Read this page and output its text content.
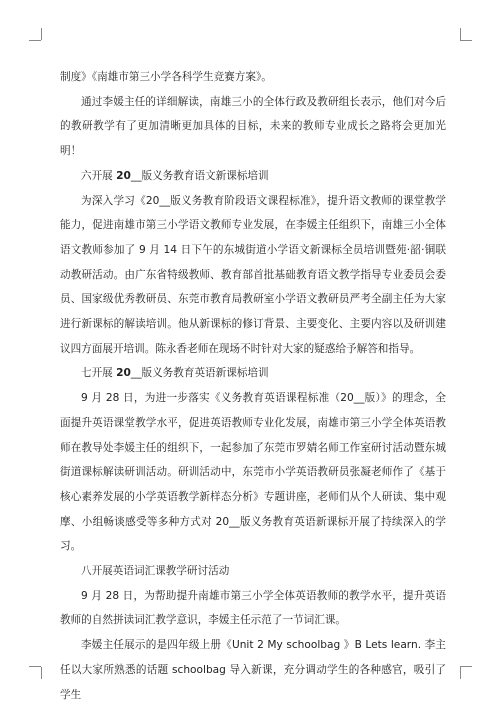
制度》《南雄市第三小学各科学生竞赛方案》。

通过李媛主任的详细解读，南雄三小的全体行政及教研组长表示，他们对今后的教研教学有了更加清晰更加具体的目标，未来的教师专业成长之路将会更加光明！

六开展 20__版义务教育语文新课标培训

为深入学习《20__版义务教育阶段语文课程标准》，提升语文教师的课堂教学能力，促进南雄市第三小学语文教师专业发展，在李媛主任组织下，南雄三小全体语文教师参加了 9 月 14 日下午的东城街道小学语文新课标全员培训暨苑·韶·铜联动教研活动。由广东省特级教师、教育部首批基础教育语文教学指导专业委员会委员、国家级优秀教研员、东莞市教育局教研室小学语文教研员严考全副主任为大家进行新课标的解读培训。他从新课标的修订背景、主要变化、主要内容以及研训建议四方面展开培训。陈永香老师在现场不时针对大家的疑惑给予解答和指导。

七开展 20__版义务教育英语新课标培训

9 月 28 日，为进一步落实《义务教育英语课程标准（20__版）》的理念，全面提升英语课堂教学水平，促进英语教师专业化发展，南雄市第三小学全体英语教师在教导处李媛主任的组织下，一起参加了东莞市罗婧名师工作室研讨活动暨东城街道课标解读研训活动。研训活动中，东莞市小学英语教研员张凝老师作了《基于核心素养发展的小学英语教学新样态分析》专题讲座，老师们从个人研读、集中观摩、小组畅谈感受等多种方式对 20__版义务教育英语新课标开展了持续深入的学习。

八开展英语词汇课教学研讨活动

9 月 28 日，为帮助提升南雄市第三小学全体英语教师的教学水平，提升英语教师的自然拼读词汇教学意识，李媛主任示范了一节词汇课。

李媛主任展示的是四年级上册《Unit 2 My schoolbag 》B Lets learn. 李主任以大家所熟悉的话题 schoolbag 导入新课，充分调动学生的各种感官，吸引了学生
